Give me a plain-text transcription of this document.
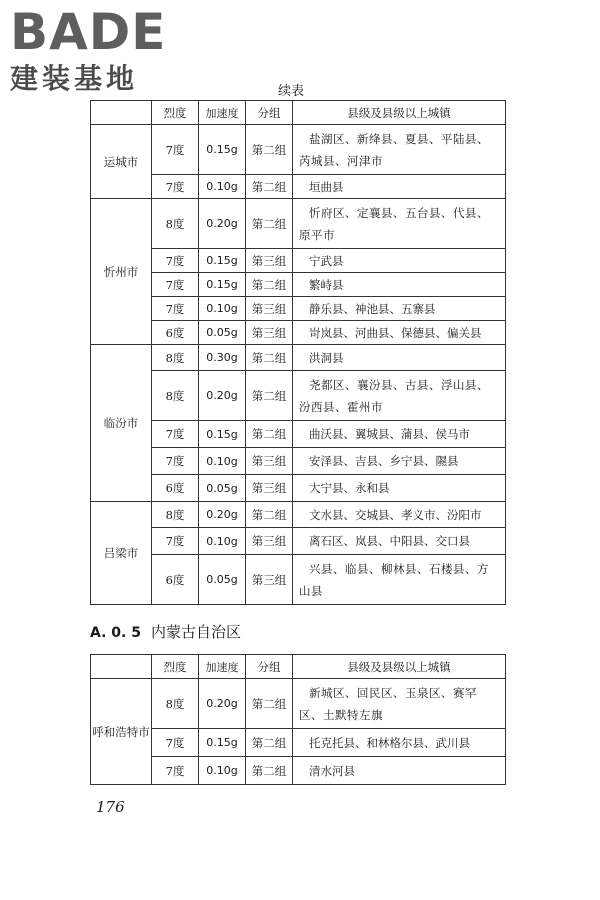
BADE
建装基地	续表
	烈度	加速度	分组	县级及县级以上城镇
运城市	7度	0.15g	第二组	盐湖区、新绛县、夏县、平陆县、芮城县、河津市
	7度	0.10g	第二组	垣曲县
忻州市	8度	0.20g	第二组	忻府区、定襄县、五台县、代县、原平市
	7度	0.15g	第三组	宁武县
	7度	0.15g	第二组	繁峙县
	7度	0.10g	第三组	静乐县、神池县、五寨县
	6度	0.05g	第三组	岢岚县、河曲县、保德县、偏关县
临汾市	8度	0.30g	第二组	洪洞县
	8度	0.20g	第二组	尧都区、襄汾县、古县、浮山县、汾西县、霍州市
	7度	0.15g	第二组	曲沃县、翼城县、蒲县、侯马市
	7度	0.10g	第三组	安泽县、吉县、乡宁县、隰县
	6度	0.05g	第三组	大宁县、永和县
吕梁市	8度	0.20g	第二组	文水县、交城县、孝义市、汾阳市
	7度	0.10g	第三组	离石区、岚县、中阳县、交口县
	6度	0.05g	第三组	兴县、临县、柳林县、石楼县、方山县
A. 0. 5 内蒙古自治区
	烈度	加速度	分组	县级及县级以上城镇
呼和浩特市	8度	0.20g	第二组	新城区、回民区、玉泉区、赛罕区、土默特左旗
	7度	0.15g	第二组	托克托县、和林格尔县、武川县
	7度	0.10g	第二组	清水河县
176
